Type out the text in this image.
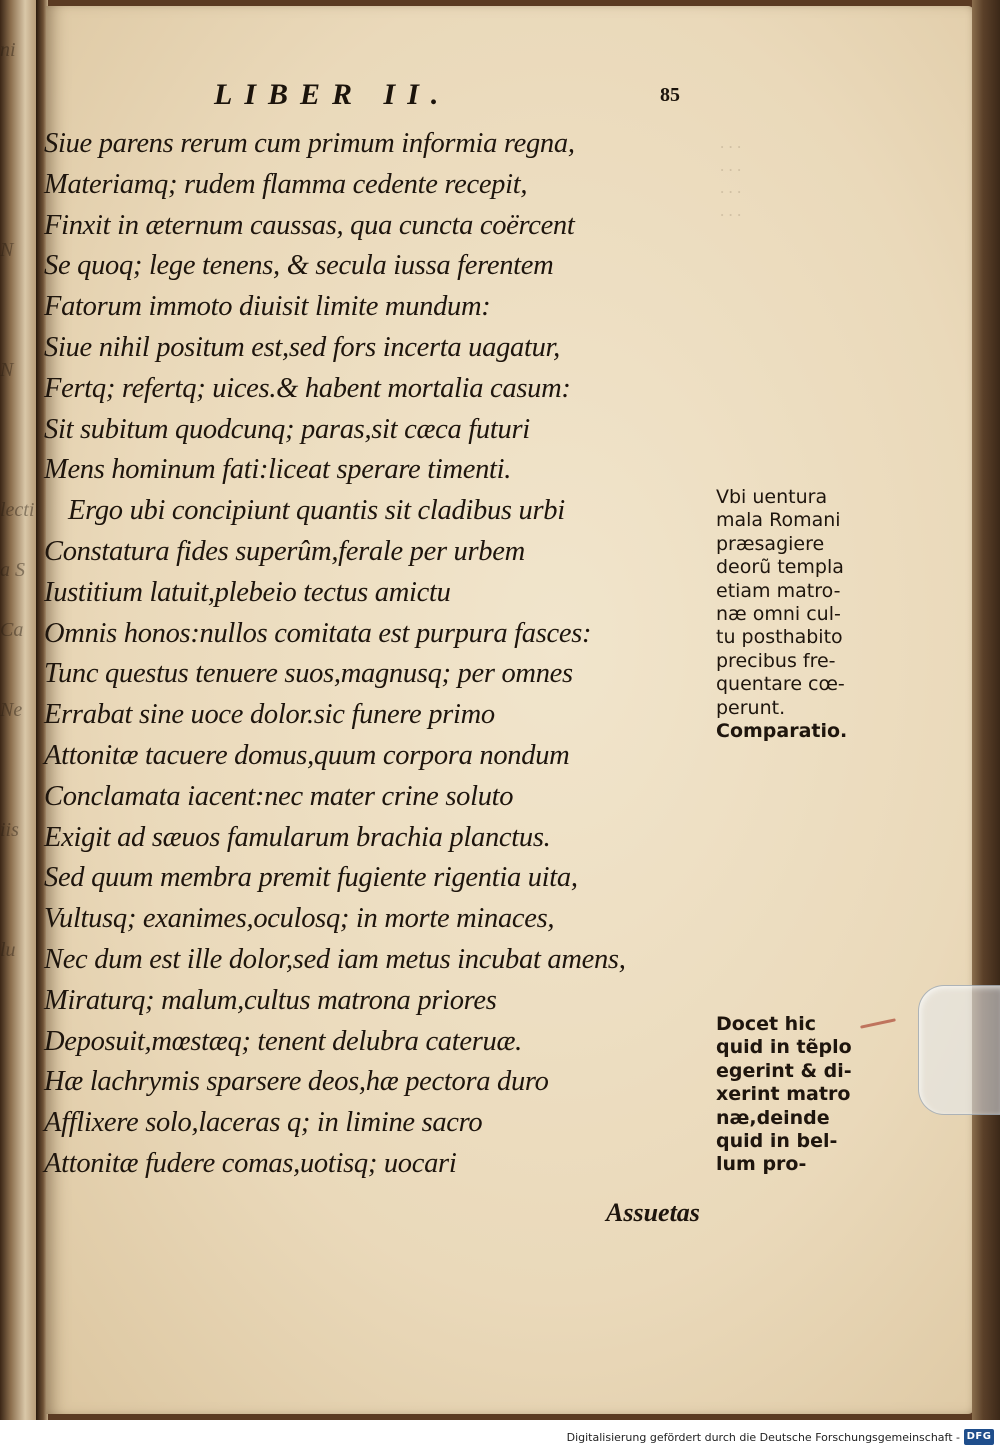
ni
N
N
lecti
a S
Ca
Ne
iis
lu
. . .
. . .
. . .
. . .
LIBER II.	85
Siue parens rerum cum primum informia regna,
Materiamq; rudem flamma cedente recepit,
Finxit in æternum caussas, qua cuncta coërcent
Se quoq; lege tenens, & secula iussa ferentem
Fatorum immoto diuisit limite mundum:
Siue nihil positum est,sed fors incerta uagatur,
Fertq; refertq; uices.& habent mortalia casum:
Sit subitum quodcunq; paras,sit cæca futuri
Mens hominum fati:liceat sperare timenti.
Ergo ubi concipiunt quantis sit cladibus urbi
Constatura fides superûm,ferale per urbem
Iustitium latuit,plebeio tectus amictu
Omnis honos:nullos comitata est purpura fasces:
Tunc questus tenuere suos,magnusq; per omnes
Errabat sine uoce dolor.sic funere primo
Attonitæ tacuere domus,quum corpora nondum
Conclamata iacent:nec mater crine soluto
Exigit ad sæuos famularum brachia planctus.
Sed quum membra premit fugiente rigentia uita,
Vultusq; exanimes,oculosq; in morte minaces,
Nec dum est ille dolor,sed iam metus incubat amens,
Miraturq; malum,cultus matrona priores
Deposuit,mœstæq; tenent delubra cateruæ.
Hæ lachrymis sparsere deos,hæ pectora duro
Afflixere solo,laceras q; in limine sacro
Attonitæ fudere comas,uotisq; uocari
Vbi uentura
mala Romani
præsagiere
deorũ templa
etiam matro-
næ omni cul-
tu posthabito
precibus fre-
quentare cœ-
perunt.
Comparatio.
Docet hic
quid in tẽplo
egerint & di-
xerint matro
næ,deinde
quid in bel-
lum pro-
Assuetas
Digitalisierung gefördert durch die Deutsche Forschungsgemeinschaft - DFG
